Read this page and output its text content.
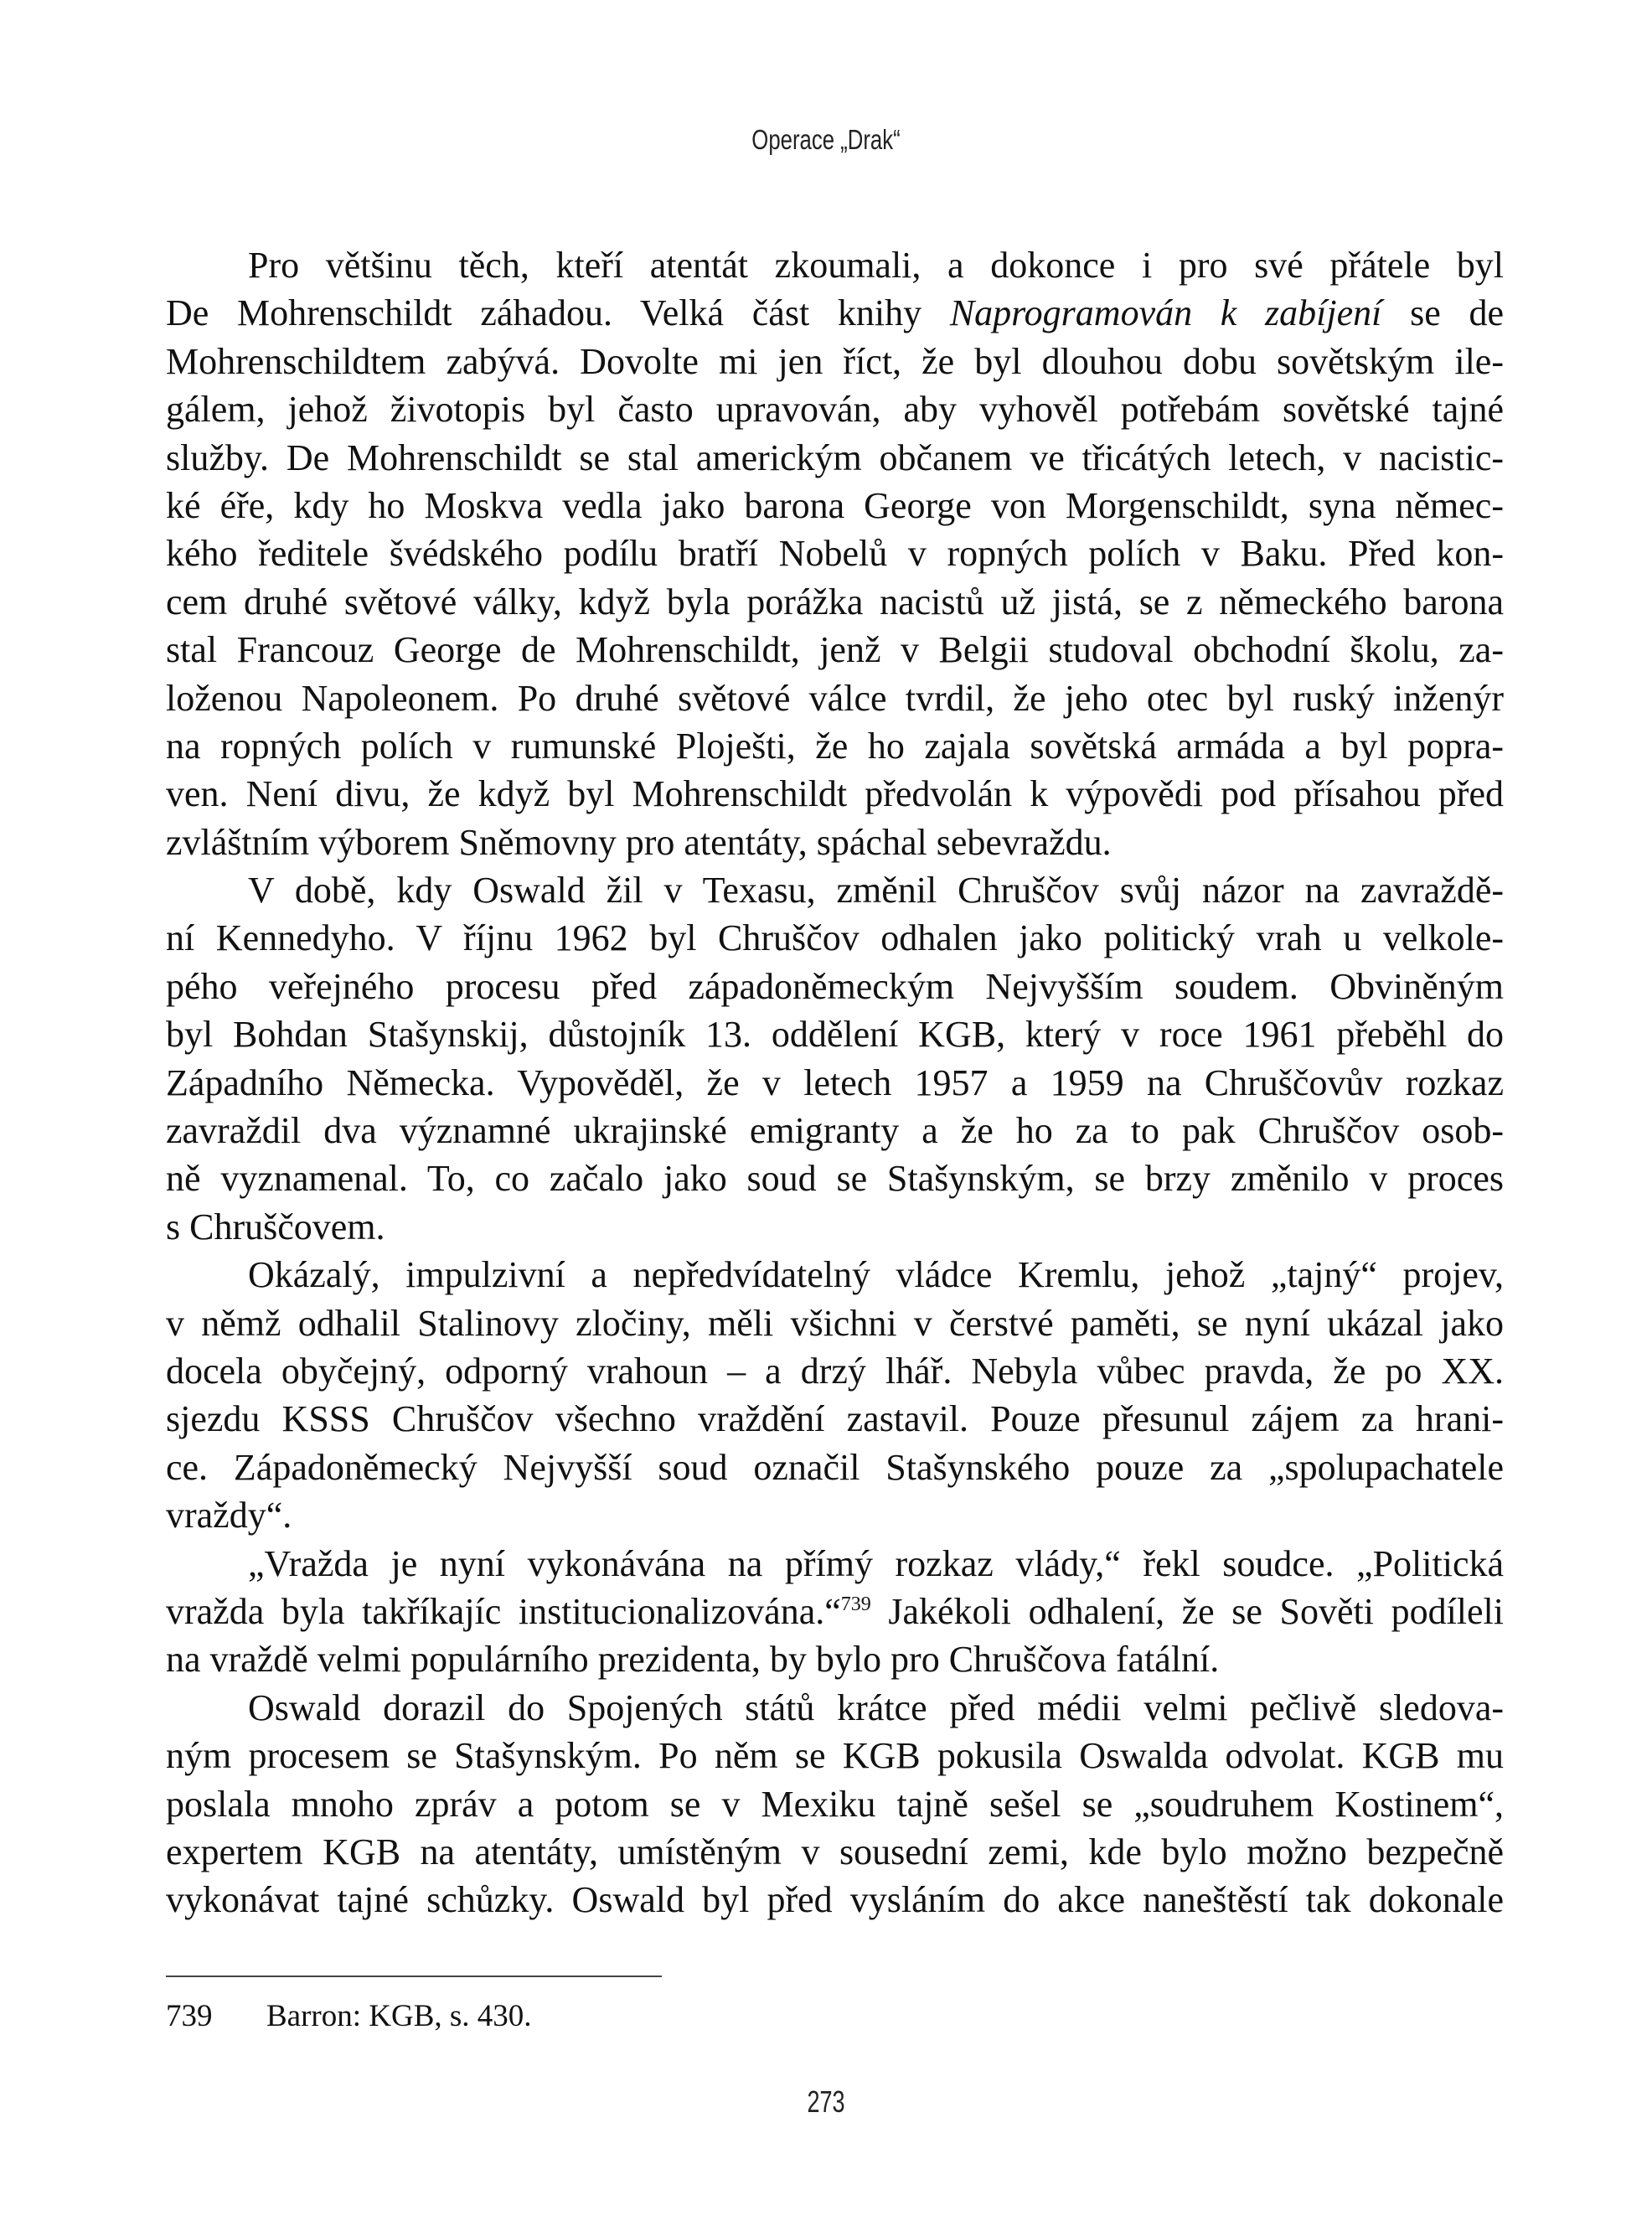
Operace „Drak“
Pro většinu těch, kteří atentát zkoumali, a dokonce i pro své přátele byl
De Mohrenschildt záhadou. Velká část knihy Naprogramován k zabíjení se de
Mohrenschildtem zabývá. Dovolte mi jen říct, že byl dlouhou dobu sovětským ile-
gálem, jehož životopis byl často upravován, aby vyhověl potřebám sovětské tajné
služby. De Mohrenschildt se stal americkým občanem ve třicátých letech, v nacistic-
ké éře, kdy ho Moskva vedla jako barona George von Morgenschildt, syna němec-
kého ředitele švédského podílu bratří Nobelů v ropných polích v Baku. Před kon-
cem druhé světové války, když byla porážka nacistů už jistá, se z německého barona
stal Francouz George de Mohrenschildt, jenž v Belgii studoval obchodní školu, za-
loženou Napoleonem. Po druhé světové válce tvrdil, že jeho otec byl ruský inženýr
na ropných polích v rumunské Ploješti, že ho zajala sovětská armáda a byl popra-
ven. Není divu, že když byl Mohrenschildt předvolán k výpovědi pod přísahou před
zvláštním výborem Sněmovny pro atentáty, spáchal sebevraždu.
V době, kdy Oswald žil v Texasu, změnil Chruščov svůj názor na zavraždě-
ní Kennedyho. V říjnu 1962 byl Chruščov odhalen jako politický vrah u velkole-
pého veřejného procesu před západoněmeckým Nejvyšším soudem. Obviněným
byl Bohdan Stašynskij, důstojník 13. oddělení KGB, který v roce 1961 přeběhl do
Západního Německa. Vypověděl, že v letech 1957 a 1959 na Chruščovův rozkaz
zavraždil dva významné ukrajinské emigranty a že ho za to pak Chruščov osob-
ně vyznamenal. To, co začalo jako soud se Stašynským, se brzy změnilo v proces
s Chruščovem.
Okázalý, impulzivní a nepředvídatelný vládce Kremlu, jehož „tajný“ projev,
v němž odhalil Stalinovy zločiny, měli všichni v čerstvé paměti, se nyní ukázal jako
docela obyčejný, odporný vrahoun – a drzý lhář. Nebyla vůbec pravda, že po XX.
sjezdu KSSS Chruščov všechno vraždění zastavil. Pouze přesunul zájem za hrani-
ce. Západoněmecký Nejvyšší soud označil Stašynského pouze za „spolupachatele
vraždy“.
„Vražda je nyní vykonávána na přímý rozkaz vlády,“ řekl soudce. „Politická
vražda byla takříkajíc institucionalizována.“$^{739}$ Jakékoli odhalení, že se Sověti podíleli
na vraždě velmi populárního prezidenta, by bylo pro Chruščova fatální.
Oswald dorazil do Spojených států krátce před médii velmi pečlivě sledova-
ným procesem se Stašynským. Po něm se KGB pokusila Oswalda odvolat. KGB mu
poslala mnoho zpráv a potom se v Mexiku tajně sešel se „soudruhem Kostinem“,
expertem KGB na atentáty, umístěným v sousední zemi, kde bylo možno bezpečně
vykonávat tajné schůzky. Oswald byl před vysláním do akce naneštěstí tak dokonale
739 Barron: KGB, s. 430.
273
